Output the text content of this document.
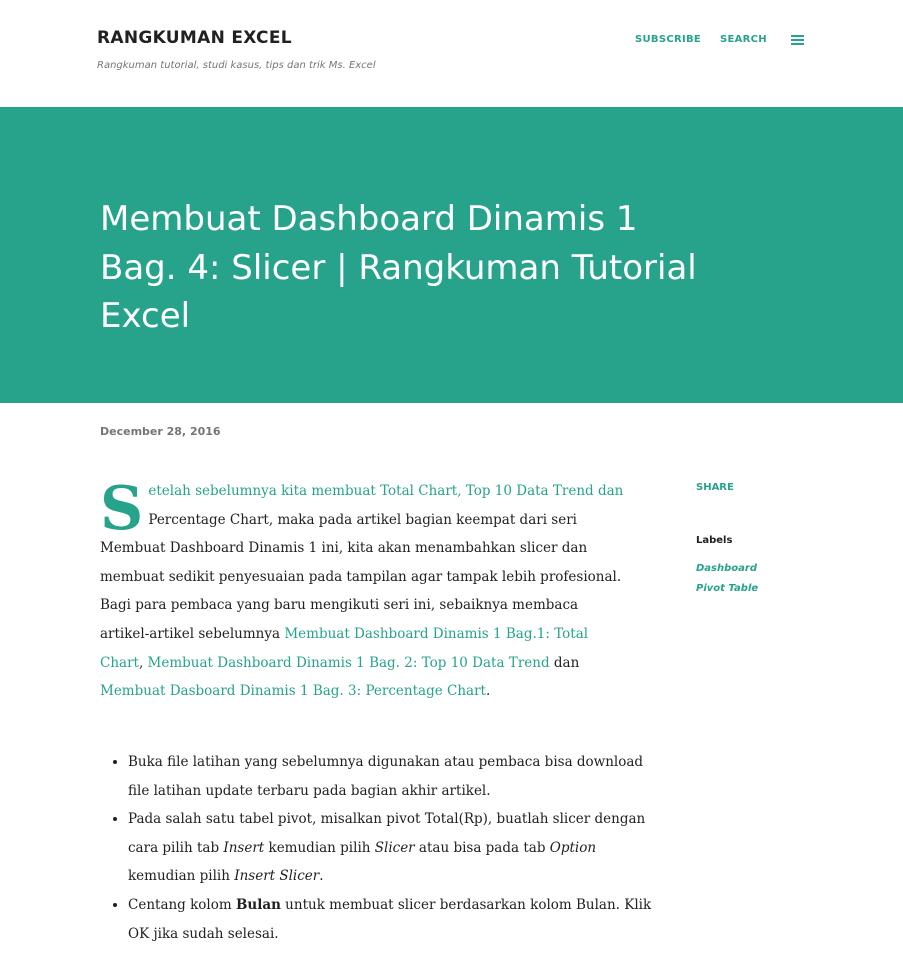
RANGKUMAN EXCEL
Rangkuman tutorial, studi kasus, tips dan trik Ms. Excel
SUBSCRIBE SEARCH
Membuat Dashboard Dinamis 1 Bag. 4: Slicer | Rangkuman Tutorial Excel
December 28, 2016

Setelah sebelumnya kita membuat Total Chart, Top 10 Data Trend dan Percentage Chart, maka pada artikel bagian keempat dari seri Membuat Dashboard Dinamis 1 ini, kita akan menambahkan slicer dan membuat sedikit penyesuaian pada tampilan agar tampak lebih profesional.

Bagi para pembaca yang baru mengikuti seri ini, sebaiknya membaca artikel-artikel sebelumnya Membuat Dashboard Dinamis 1 Bag.1: Total Chart, Membuat Dashboard Dinamis 1 Bag. 2: Top 10 Data Trend dan Membuat Dasboard Dinamis 1 Bag. 3: Percentage Chart.

• Buka file latihan yang sebelumnya digunakan atau pembaca bisa download file latihan update terbaru pada bagian akhir artikel.
• Pada salah satu tabel pivot, misalkan pivot Total(Rp), buatlah slicer dengan cara pilih tab Insert kemudian pilih Slicer atau bisa pada tab Option kemudian pilih Insert Slicer.
• Centang kolom Bulan untuk membuat slicer berdasarkan kolom Bulan. Klik OK jika sudah selesai.
SHARE
Labels
Dashboard
Pivot Table
